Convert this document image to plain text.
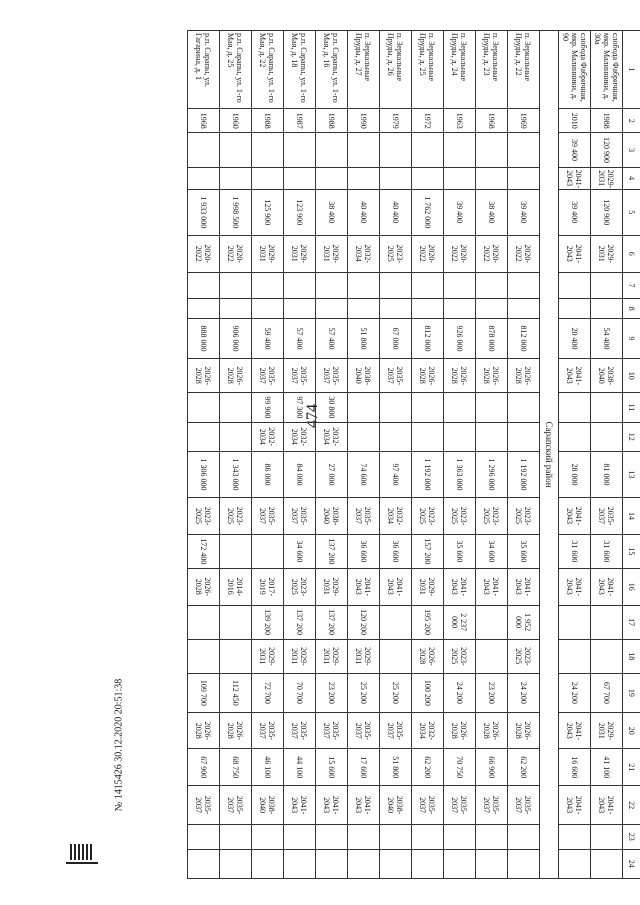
474
№ 1415426 30.12.2020 20:51:38
1	2	3	4	5	6	7	8	9	10	11	12	13	14	15	16	17	18	19	20	21	22	23	24
слобода Фабричная, мкр. Малинники, д. 30а	1988	120 900	2029-2031	120 900	2029-2031			54 400	2038-2040			81 000	2035-2037	31 600	2041-2043			67 700	2029-2031	41 100	2041-2043		
слобода Фабричная, мкр. Малинники, д. 90	2010	39 400	2041-2043	39 400	2041-2043			20 400	2041-2043			28 000	2041-2043	31 600	2041-2043			24 200	2041-2043	16 600	2041-2043		
Сарапский район																							
п. Зеркальные Пруды, д. 22	1969			39 400	2020-2022			812 000	2026-2028			1 192 000	2023-2025	35 600	2041-2043	1 952 000	2023-2025	24 200	2026-2028	62 200	2035-2037		
п. Зеркальные Пруды, д. 23	1968			38 400	2020-2022			878 000	2026-2028			1 296 000	2023-2025	34 600	2041-2043			23 200	2026-2028	66 900	2035-2037		
п. Зеркальные Пруды, д. 24	1963			39 400	2020-2022			926 000	2026-2028			1 363 000	2023-2025	35 600	2041-2043	2 237 000	2023-2025	24 200	2026-2028	70 750	2035-2037		
п. Зеркальные Пруды, д. 25	1972			1 762 000	2020-2022			812 000	2026-2028			1 192 000	2023-2025	157 200	2029-2031	195 200	2026-2028	100 200	2032-2034	62 200	2035-2037		
п. Зеркальные Пруды, д. 26	1979			40 400	2023-2025			67 000	2035-2037			97 400	2032-2034	36 600	2041-2043			25 200	2035-2037	51 800	2038-2040		
п. Зеркальные Пруды, д. 27	1990			40 400	2032-2034			51 800	2038-2040			74 600	2035-2037	36 600	2041-2043	120 200	2029-2031	25 200	2035-2037	17 600	2041-2043		
р.п. Сарапы, ул. 1-го Мая, д. 16	1988			38 400	2029-2031			57 400	2035-2037	30 800	2032-2034	27 000	2038-2040	137 200	2029-2031	137 200	2029-2031	23 200	2035-2037	15 600	2041-2043		
р.п. Сарапы, ул. 1-го Мая, д. 18	1987			123 900	2029-2031			57 400	2035-2037	97 300	2032-2034	84 000	2035-2037	34 600	2023-2025	137 200	2029-2031	70 700	2035-2037	44 100	2041-2043		
р.п. Сарапы, ул. 1-го Мая, д. 22	1988			125 900	2029-2031			59 400	2035-2037	99 900	2032-2034	86 000	2035-2037		2017-2019	139 200	2029-2031	72 700	2035-2037	46 100	2038-2040		
р.п. Сарапы, ул. 1-го Мая, д. 25	1960			1 998 500	2020-2022			906 000	2026-2028			1 343 000	2023-2025		2014-2016			112 450	2026-2028	68 750	2035-2037		
р.п. Сарапы, ул. Гагарина, д. 1	1968			1 933 000	2020-2022			888 000	2026-2028			1 306 000	2023-2025	172 400	2026-2028			109 700	2026-2028	67 900	2035-2037		
